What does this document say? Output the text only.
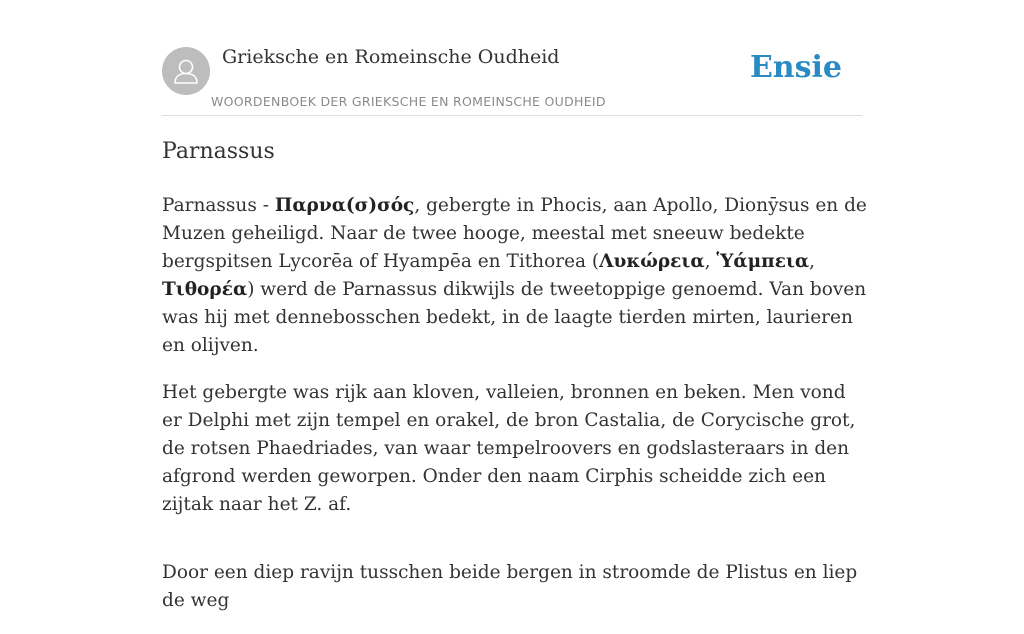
Grieksche en Romeinsche Oudheid
WOORDENBOEK DER GRIEKSCHE EN ROMEINSCHE OUDHEID
Ensie
Parnassus

Parnassus - Παρνα(σ)σός, gebergte in Phocis, aan Apollo, Dionȳsus en de Muzen geheiligd. Naar de twee hooge, meestal met sneeuw bedekte bergspitsen Lycorēa of Hyampēa en Tithorea (Λυκώρεια, Ὑάμπεια, Τιθορέα) werd de Parnassus dikwijls de tweetoppige genoemd. Van boven was hij met dennebosschen bedekt, in de laagte tierden mirten, laurieren en olijven.

Het gebergte was rijk aan kloven, valleien, bronnen en beken. Men vond er Delphi met zijn tempel en orakel, de bron Castalia, de Corycische grot, de rotsen Phaedriades, van waar tempelroovers en godslasteraars in den afgrond werden geworpen. Onder den naam Cirphis scheidde zich een zijtak naar het Z. af.

Door een diep ravijn tusschen beide bergen in stroomde de Plistus en liep de weg
